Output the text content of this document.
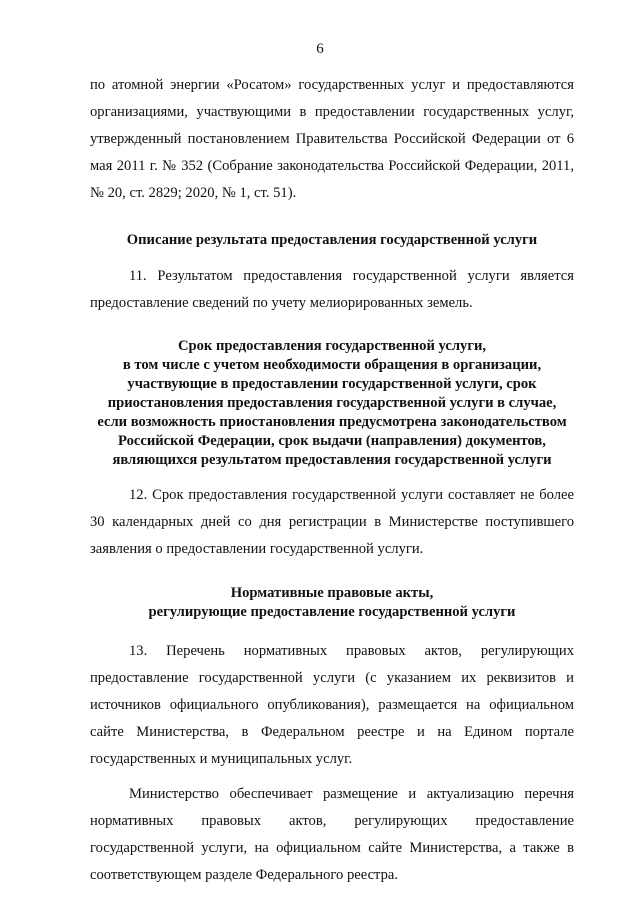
6

по атомной энергии «Росатом» государственных услуг и предоставляются организациями, участвующими в предоставлении государственных услуг, утвержденный постановлением Правительства Российской Федерации от 6 мая 2011 г. № 352 (Собрание законодательства Российской Федерации, 2011, № 20, ст. 2829; 2020, № 1, ст. 51).

Описание результата предоставления государственной услуги

11. Результатом предоставления государственной услуги является предоставление сведений по учету мелиорированных земель.

Срок предоставления государственной услуги,
в том числе с учетом необходимости обращения в организации,
участвующие в предоставлении государственной услуги, срок
приостановления предоставления государственной услуги в случае,
если возможность приостановления предусмотрена законодательством
Российской Федерации, срок выдачи (направления) документов,
являющихся результатом предоставления государственной услуги

12. Срок предоставления государственной услуги составляет не более 30 календарных дней со дня регистрации в Министерстве поступившего заявления о предоставлении государственной услуги.

Нормативные правовые акты,
регулирующие предоставление государственной услуги

13. Перечень нормативных правовых актов, регулирующих предоставление государственной услуги (с указанием их реквизитов и источников официального опубликования), размещается на официальном сайте Министерства, в Федеральном реестре и на Едином портале государственных и муниципальных услуг.

Министерство обеспечивает размещение и актуализацию перечня нормативных правовых актов, регулирующих предоставление государственной услуги, на официальном сайте Министерства, а также в соответствующем разделе Федерального реестра.
